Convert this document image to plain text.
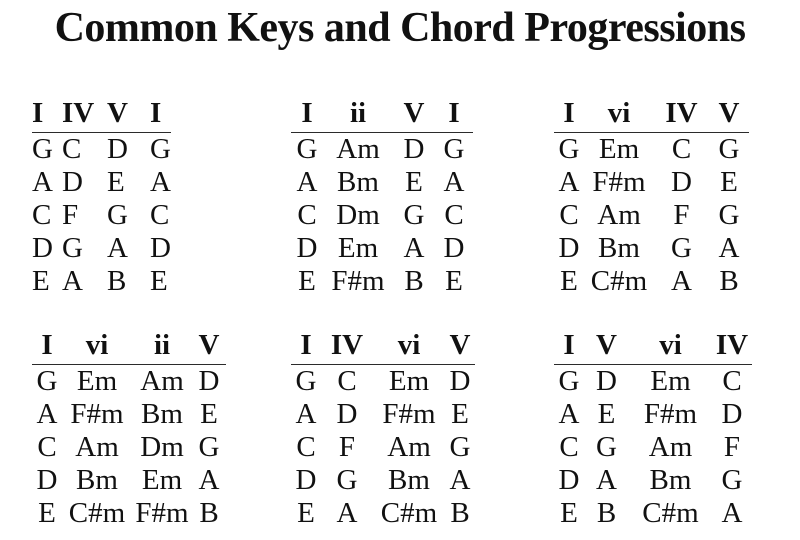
Common Keys and Chord Progressions
I	IV	V	I
G	C	D	G
A	D	E	A
C	F	G	C
D	G	A	D
E	A	B	E
I	ii	V	I
G	Am	D	G
A	Bm	E	A
C	Dm	G	C
D	Em	A	D
E	F#m	B	E
I	vi	IV	V
G	Em	C	G
A	F#m	D	E
C	Am	F	G
D	Bm	G	A
E	C#m	A	B
I	vi	ii	V
G	Em	Am	D
A	F#m	Bm	E
C	Am	Dm	G
D	Bm	Em	A
E	C#m	F#m	B
I	IV	vi	V
G	C	Em	D
A	D	F#m	E
C	F	Am	G
D	G	Bm	A
E	A	C#m	B
I	V	vi	IV
G	D	Em	C
A	E	F#m	D
C	G	Am	F
D	A	Bm	G
E	B	C#m	A
